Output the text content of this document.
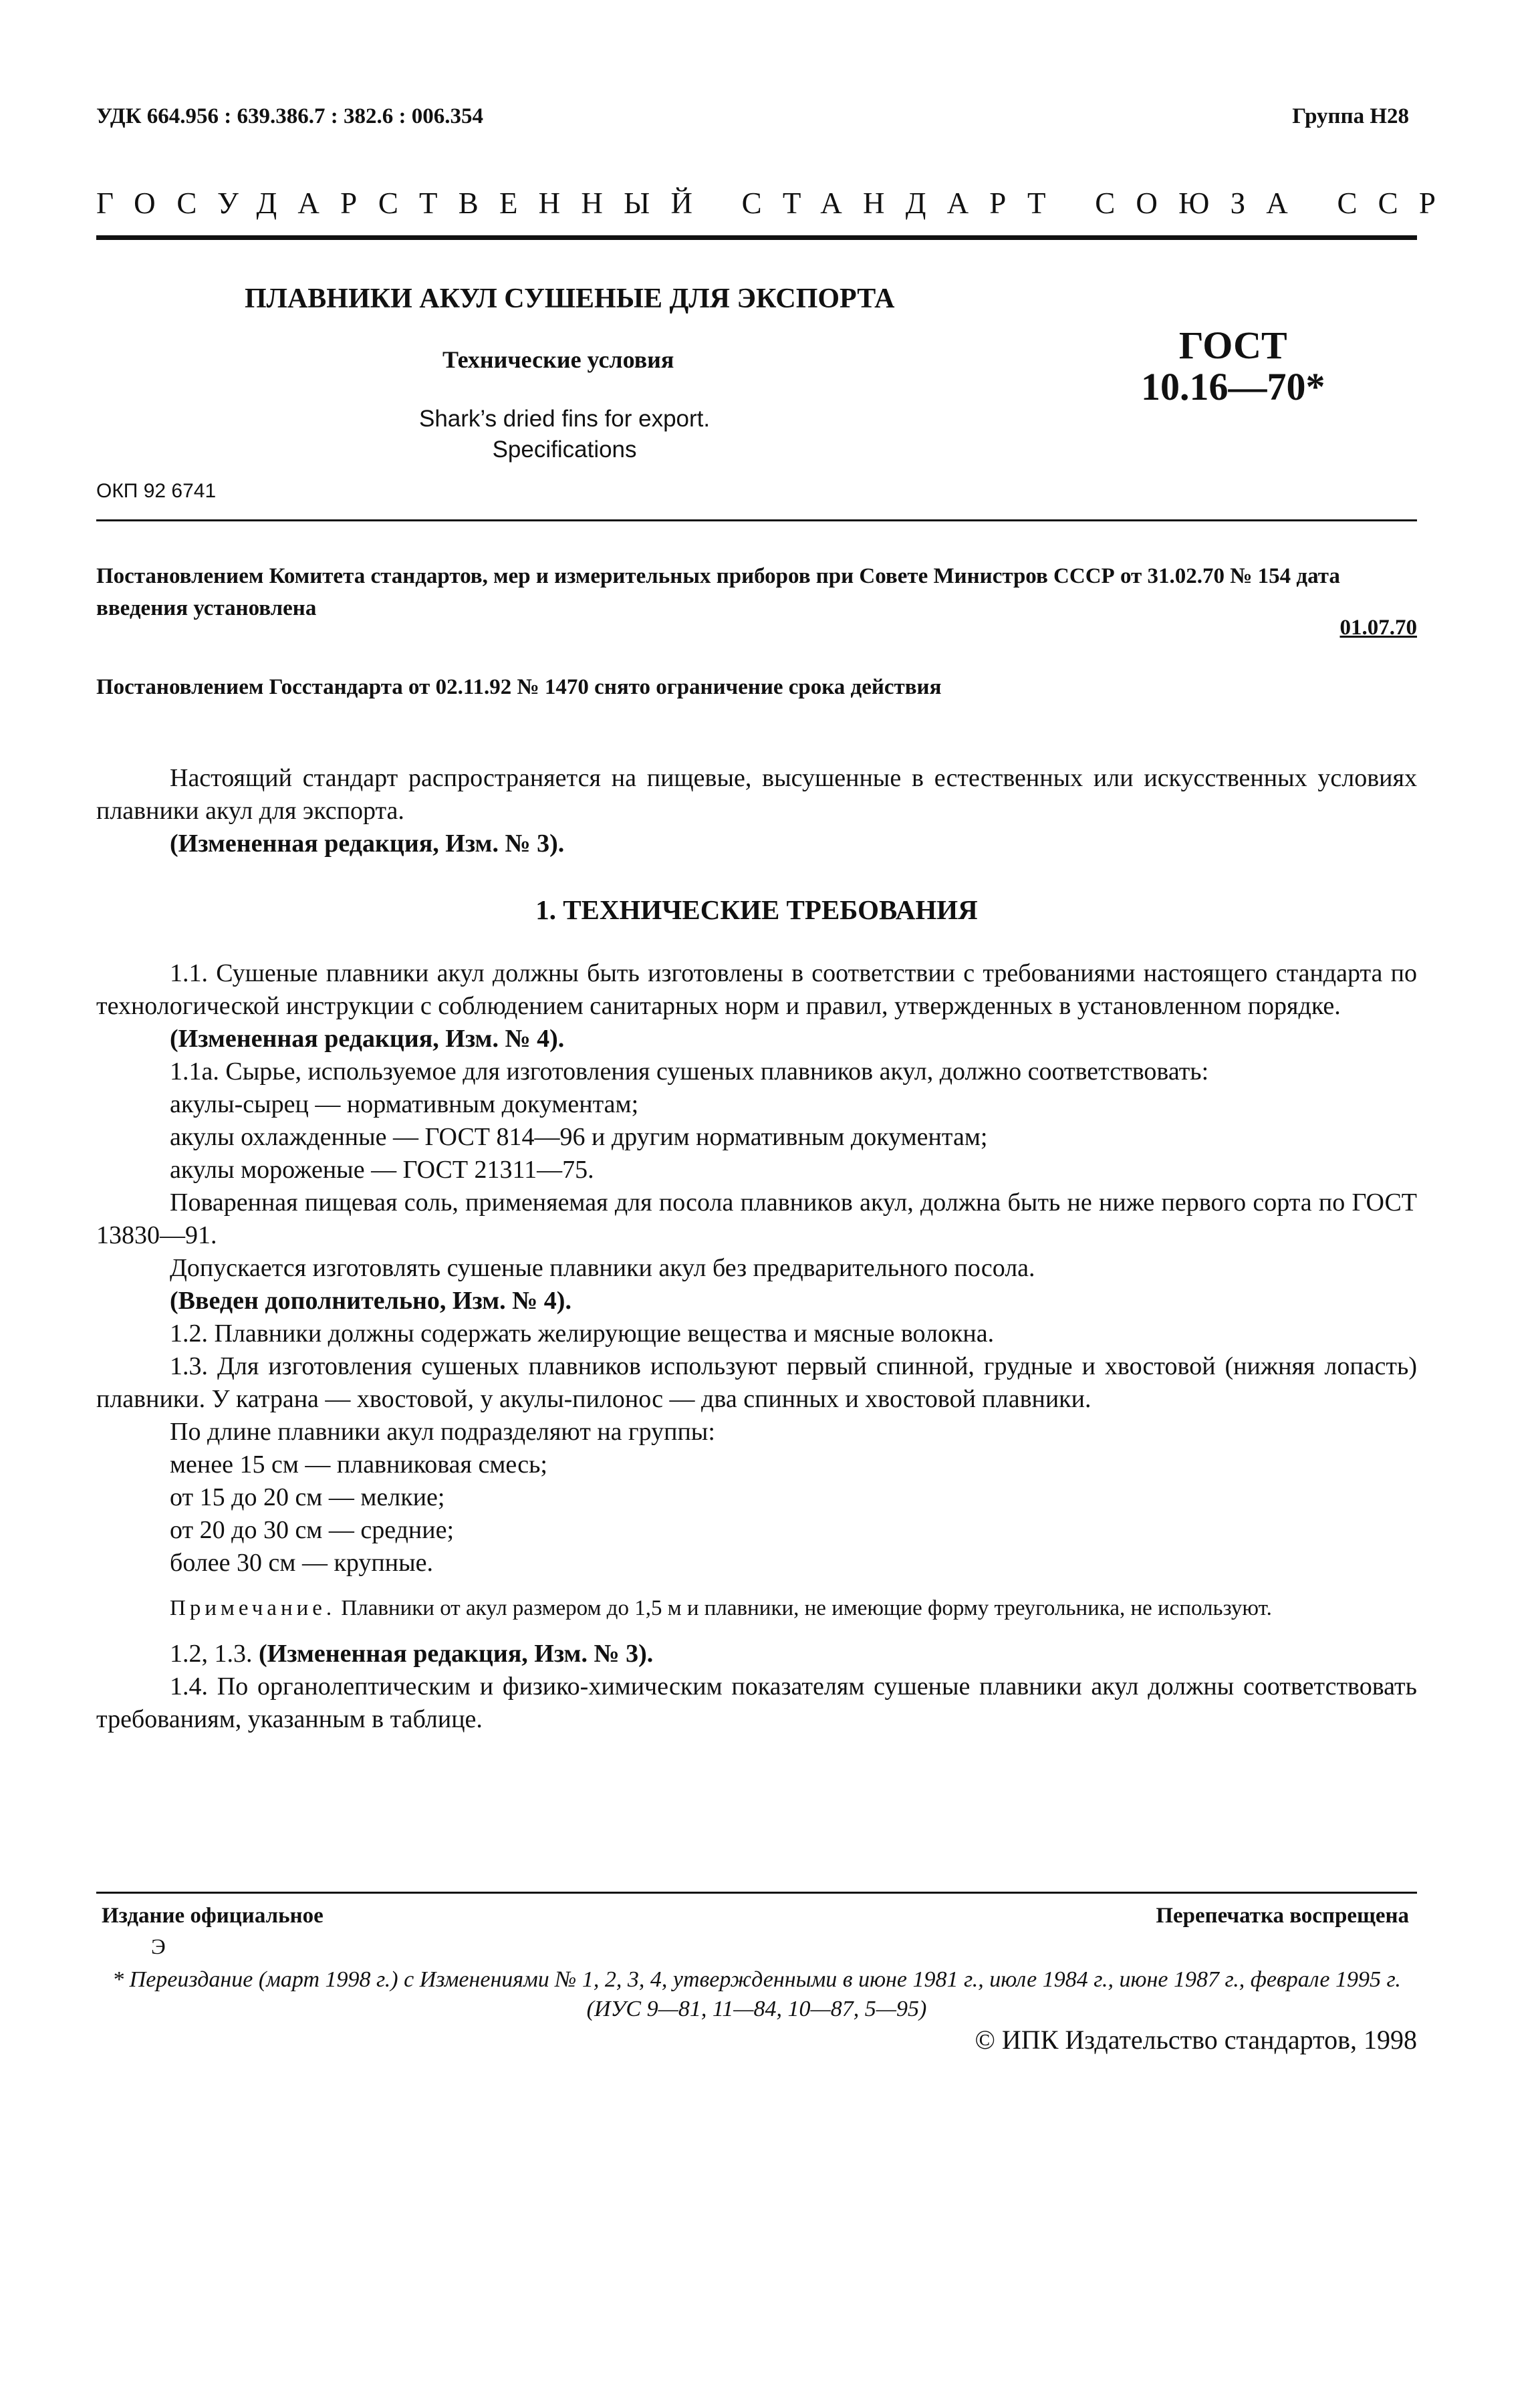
УДК 664.956 : 639.386.7 : 382.6 : 006.354	Группа Н28
ГОСУДАРСТВЕННЫЙ СТАНДАРТ СОЮЗА ССР
ПЛАВНИКИ АКУЛ СУШЕНЫЕ ДЛЯ ЭКСПОРТА
Технические условия
Shark’s dried fins for export.
Specifications
ГОСТ
10.16—70*
ОКП 92 6741
Постановлением Комитета стандартов, мер и измерительных приборов при Совете Министров СССР от 31.02.70 № 154 дата введения установлена
01.07.70
Постановлением Госстандарта от 02.11.92 № 1470 снято ограничение срока действия

Настоящий стандарт распространяется на пищевые, высушенные в естественных или искусственных условиях плавники акул для экспорта.

(Измененная редакция, Изм. № 3).

1. ТЕХНИЧЕСКИЕ ТРЕБОВАНИЯ

1.1. Сушеные плавники акул должны быть изготовлены в соответствии с требованиями настоящего стандарта по технологической инструкции с соблюдением санитарных норм и правил, утвержденных в установленном порядке.

(Измененная редакция, Изм. № 4).

1.1а. Сырье, используемое для изготовления сушеных плавников акул, должно соответствовать:

акулы-сырец — нормативным документам;

акулы охлажденные — ГОСТ 814—96 и другим нормативным документам;

акулы мороженые — ГОСТ 21311—75.

Поваренная пищевая соль, применяемая для посола плавников акул, должна быть не ниже первого сорта по ГОСТ 13830—91.

Допускается изготовлять сушеные плавники акул без предварительного посола.

(Введен дополнительно, Изм. № 4).

1.2. Плавники должны содержать желирующие вещества и мясные волокна.

1.3. Для изготовления сушеных плавников используют первый спинной, грудные и хвостовой (нижняя лопасть) плавники. У катрана — хвостовой, у акулы-пилонос — два спинных и хвостовой плавники.

По длине плавники акул подразделяют на группы:

менее 15 см — плавниковая смесь;

от 15 до 20 см — мелкие;

от 20 до 30 см — средние;

более 30 см — крупные.

Примечание. Плавники от акул размером до 1,5 м и плавники, не имеющие форму треугольника, не используют.

1.2, 1.3. (Измененная редакция, Изм. № 3).

1.4. По органолептическим и физико-химическим показателям сушеные плавники акул должны соответствовать требованиям, указанным в таблице.

Издание официальное	Перепечатка воспрещена
Э
* Переиздание (март 1998 г.) с Изменениями № 1, 2, 3, 4, утвержденными в июне 1981 г., июле 1984 г., июне 1987 г., феврале 1995 г. (ИУС 9—81, 11—84, 10—87, 5—95)
© ИПК Издательство стандартов, 1998
